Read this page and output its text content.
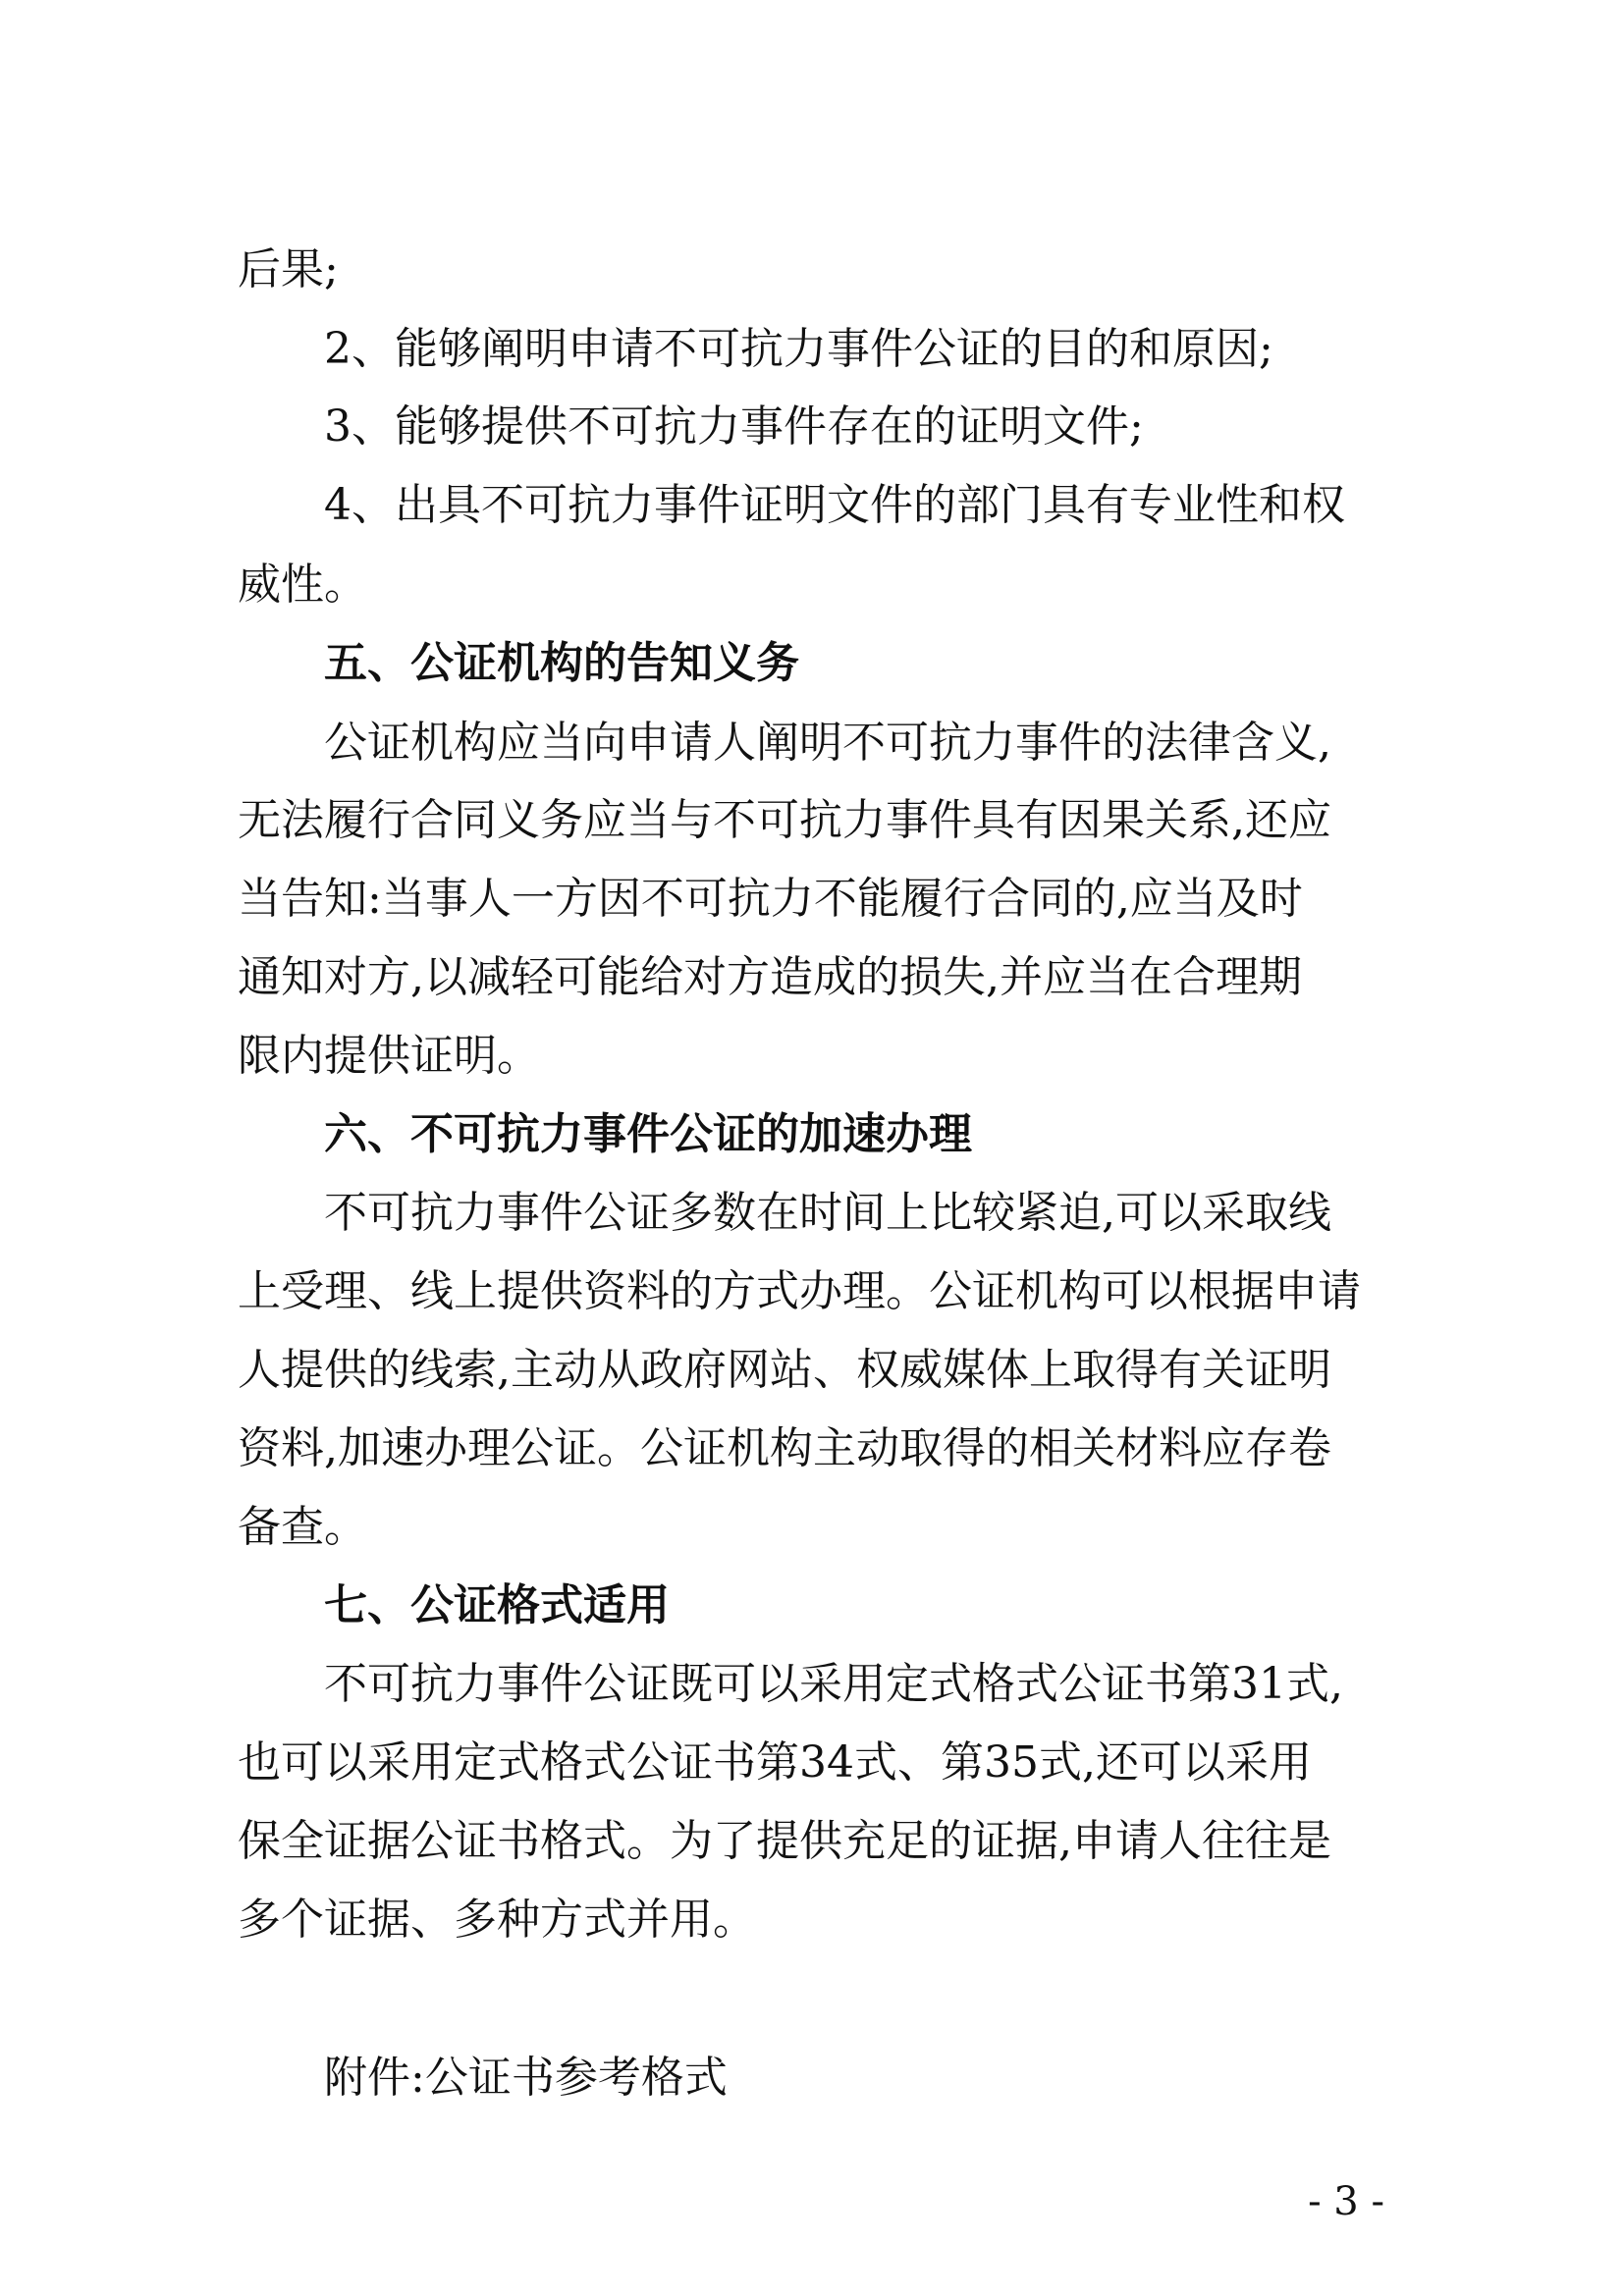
后果;
2、能够阐明申请不可抗力事件公证的目的和原因;
3、能够提供不可抗力事件存在的证明文件;
4、出具不可抗力事件证明文件的部门具有专业性和权
威性。
五、公证机构的告知义务
公证机构应当向申请人阐明不可抗力事件的法律含义,
无法履行合同义务应当与不可抗力事件具有因果关系,还应
当告知:当事人一方因不可抗力不能履行合同的,应当及时
通知对方,以减轻可能给对方造成的损失,并应当在合理期
限内提供证明。
六、不可抗力事件公证的加速办理
不可抗力事件公证多数在时间上比较紧迫,可以采取线
上受理、线上提供资料的方式办理。公证机构可以根据申请
人提供的线索,主动从政府网站、权威媒体上取得有关证明
资料,加速办理公证。公证机构主动取得的相关材料应存卷
备查。
七、公证格式适用
不可抗力事件公证既可以采用定式格式公证书第31式,
也可以采用定式格式公证书第34式、第35式,还可以采用
保全证据公证书格式。为了提供充足的证据,申请人往往是
多个证据、多种方式并用。
附件:公证书参考格式
- 3 -
